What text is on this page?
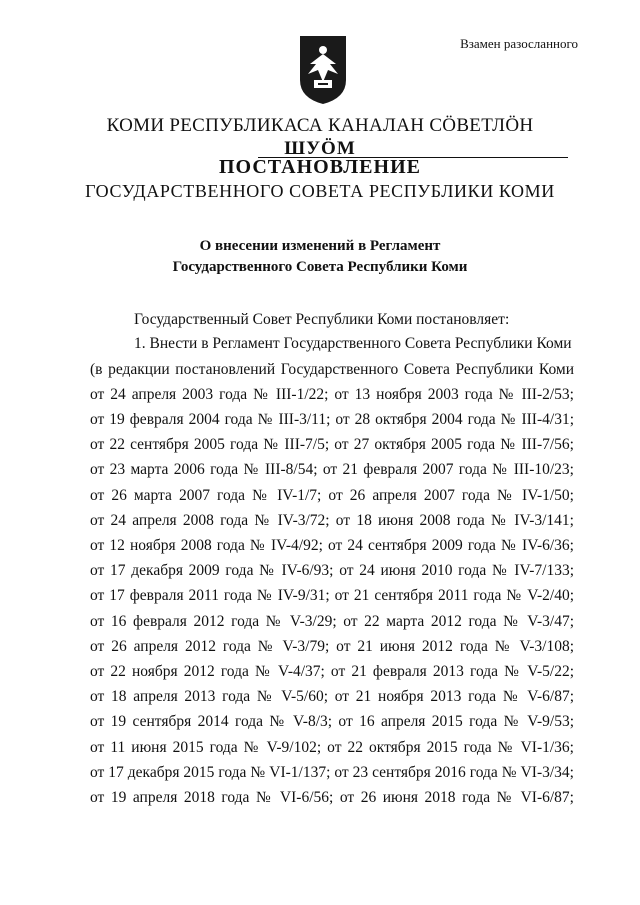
Взамен разосланного
КОМИ РЕСПУБЛИКАСА КАНАЛАН СÖВЕТЛÖН
ШУÖМ
ПОСТАНОВЛЕНИЕ
ГОСУДАРСТВЕННОГО СОВЕТА РЕСПУБЛИКИ КОМИ
О внесении изменений в Регламент
Государственного Совета Республики Коми
Государственный Совет Республики Коми постановляет:
1. Внести в Регламент Государственного Совета Республики Коми
(в редакции постановлений Государственного Совета Республики Коми
от 24 апреля 2003 года № III-1/22; от 13 ноября 2003 года № III-2/53;
от 19 февраля 2004 года № III-3/11; от 28 октября 2004 года № III-4/31;
от 22 сентября 2005 года № III-7/5; от 27 октября 2005 года № III-7/56;
от 23 марта 2006 года № III-8/54; от 21 февраля 2007 года № III-10/23;
от 26 марта 2007 года № IV-1/7; от 26 апреля 2007 года № IV-1/50;
от 24 апреля 2008 года № IV-3/72; от 18 июня 2008 года № IV-3/141;
от 12 ноября 2008 года № IV-4/92; от 24 сентября 2009 года № IV-6/36;
от 17 декабря 2009 года № IV-6/93; от 24 июня 2010 года № IV-7/133;
от 17 февраля 2011 года № IV-9/31; от 21 сентября 2011 года № V-2/40;
от 16 февраля 2012 года № V-3/29; от 22 марта 2012 года № V-3/47;
от 26 апреля 2012 года № V-3/79; от 21 июня 2012 года № V-3/108;
от 22 ноября 2012 года № V-4/37; от 21 февраля 2013 года № V-5/22;
от 18 апреля 2013 года № V-5/60; от 21 ноября 2013 года № V-6/87;
от 19 сентября 2014 года № V-8/3; от 16 апреля 2015 года № V-9/53;
от 11 июня 2015 года № V-9/102; от 22 октября 2015 года № VI-1/36;
от 17 декабря 2015 года № VI-1/137; от 23 сентября 2016 года № VI-3/34;
от 19 апреля 2018 года № VI-6/56; от 26 июня 2018 года № VI-6/87;
